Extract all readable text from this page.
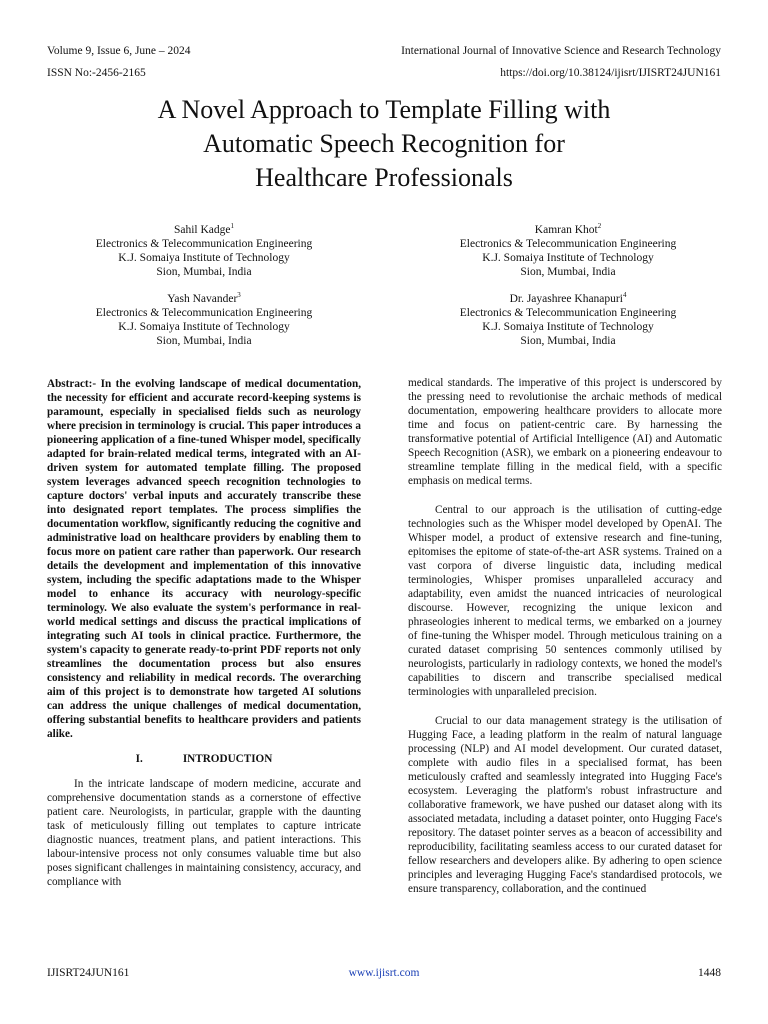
Volume 9, Issue 6, June – 2024
ISSN No:-2456-2165
International Journal of Innovative Science and Research Technology
https://doi.org/10.38124/ijisrt/IJISRT24JUN161
A Novel Approach to Template Filling with
Automatic Speech Recognition for
Healthcare Professionals
Sahil Kadge$^1$
Electronics & Telecommunication Engineering
K.J. Somaiya Institute of Technology
Sion, Mumbai, India
Kamran Khot$^2$
Electronics & Telecommunication Engineering
K.J. Somaiya Institute of Technology
Sion, Mumbai, India
Yash Navander$^3$
Electronics & Telecommunication Engineering
K.J. Somaiya Institute of Technology
Sion, Mumbai, India
Dr. Jayashree Khanapuri$^4$
Electronics & Telecommunication Engineering
K.J. Somaiya Institute of Technology
Sion, Mumbai, India

Abstract:- In the evolving landscape of medical documentation, the necessity for efficient and accurate record-keeping systems is paramount, especially in specialised fields such as neurology where precision in terminology is crucial. This paper introduces a pioneering application of a fine-tuned Whisper model, specifically adapted for brain-related medical terms, integrated with an AI-driven system for automated template filling. The proposed system leverages advanced speech recognition technologies to capture doctors' verbal inputs and accurately transcribe these into designated report templates. The process simplifies the documentation workflow, significantly reducing the cognitive and administrative load on healthcare providers by enabling them to focus more on patient care rather than paperwork. Our research details the development and implementation of this innovative system, including the specific adaptations made to the Whisper model to enhance its accuracy with neurology-specific terminology. We also evaluate the system's performance in real-world medical settings and discuss the practical implications of integrating such AI tools in clinical practice. Furthermore, the system's capacity to generate ready-to-print PDF reports not only streamlines the documentation process but also ensures consistency and reliability in medical records. The overarching aim of this project is to demonstrate how targeted AI solutions can address the unique challenges of medical documentation, offering substantial benefits to healthcare providers and patients alike.

I.	INTRODUCTION

In the intricate landscape of modern medicine, accurate and comprehensive documentation stands as a cornerstone of effective patient care. Neurologists, in particular, grapple with the daunting task of meticulously filling out templates to capture intricate diagnostic nuances, treatment plans, and patient interactions. This labour-intensive process not only consumes valuable time but also poses significant challenges in maintaining consistency, accuracy, and compliance with

medical standards. The imperative of this project is underscored by the pressing need to revolutionise the archaic methods of medical documentation, empowering healthcare providers to allocate more time and focus on patient-centric care. By harnessing the transformative potential of Artificial Intelligence (AI) and Automatic Speech Recognition (ASR), we embark on a pioneering endeavour to streamline template filling in the medical field, with a specific emphasis on medical terms.

Central to our approach is the utilisation of cutting-edge technologies such as the Whisper model developed by OpenAI. The Whisper model, a product of extensive research and fine-tuning, epitomises the epitome of state-of-the-art ASR systems. Trained on a vast corpora of diverse linguistic data, including medical terminologies, Whisper promises unparalleled accuracy and adaptability, even amidst the nuanced intricacies of neurological discourse. However, recognizing the unique lexicon and phraseologies inherent to medical terms, we embarked on a journey of fine-tuning the Whisper model. Through meticulous training on a curated dataset comprising 50 sentences commonly utilised by neurologists, particularly in radiology contexts, we honed the model's capabilities to discern and transcribe specialised medical terminologies with unparalleled precision.

Crucial to our data management strategy is the utilisation of Hugging Face, a leading platform in the realm of natural language processing (NLP) and AI model development. Our curated dataset, complete with audio files in a specialised format, has been meticulously crafted and seamlessly integrated into Hugging Face's ecosystem. Leveraging the platform's robust infrastructure and collaborative framework, we have pushed our dataset along with its associated metadata, including a dataset pointer, onto Hugging Face's repository. The dataset pointer serves as a beacon of accessibility and reproducibility, facilitating seamless access to our curated dataset for fellow researchers and developers alike. By adhering to open science principles and leveraging Hugging Face's standardised protocols, we ensure transparency, collaboration, and the continued

IJISRT24JUN161	www.ijisrt.com	1448
